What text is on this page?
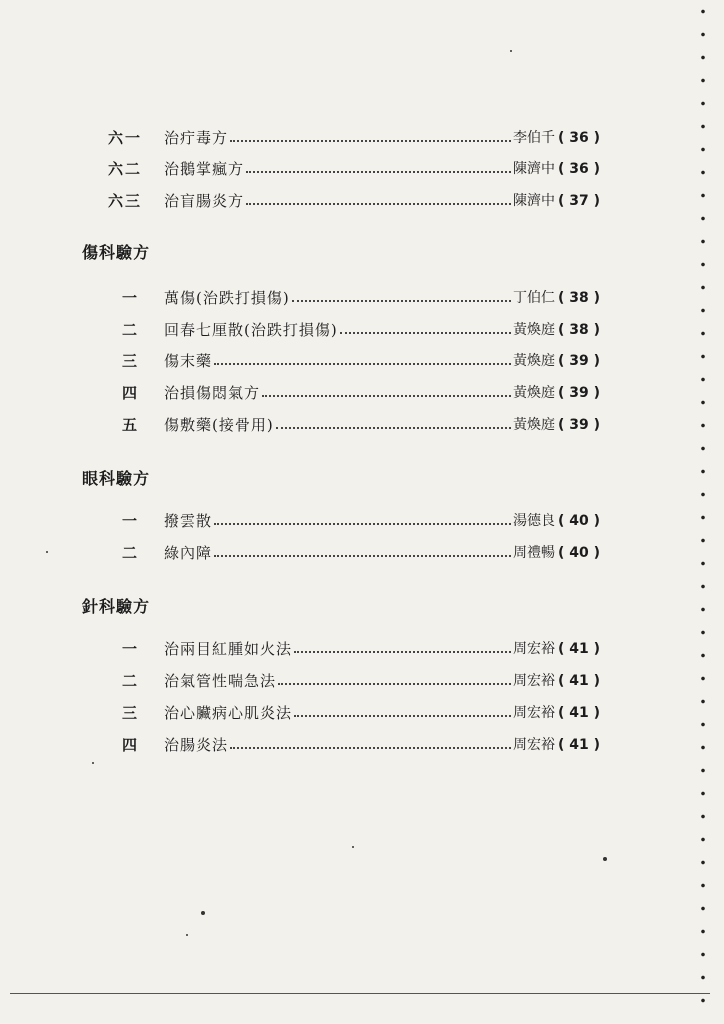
六一	治疔毒方	李伯千 ( 36 )
六二	治鵝掌瘋方	陳濟中 ( 36 )
六三	治盲腸炎方	陳濟中 ( 37 )
傷科驗方
一	萬傷(治跌打損傷)	丁伯仁 ( 38 )
二	回春七厘散(治跌打損傷)	黃煥庭 ( 38 )
三	傷末藥	黃煥庭 ( 39 )
四	治損傷悶氣方	黃煥庭 ( 39 )
五	傷敷藥(接骨用)	黃煥庭 ( 39 )
眼科驗方
一	撥雲散	湯德良 ( 40 )
二	綠內障	周禮暢 ( 40 )
針科驗方
一	治兩目紅腫如火法	周宏裕 ( 41 )
二	治氣管性喘急法	周宏裕 ( 41 )
三	治心臟病心肌炎法	周宏裕 ( 41 )
四	治腸炎法	周宏裕 ( 41 )
